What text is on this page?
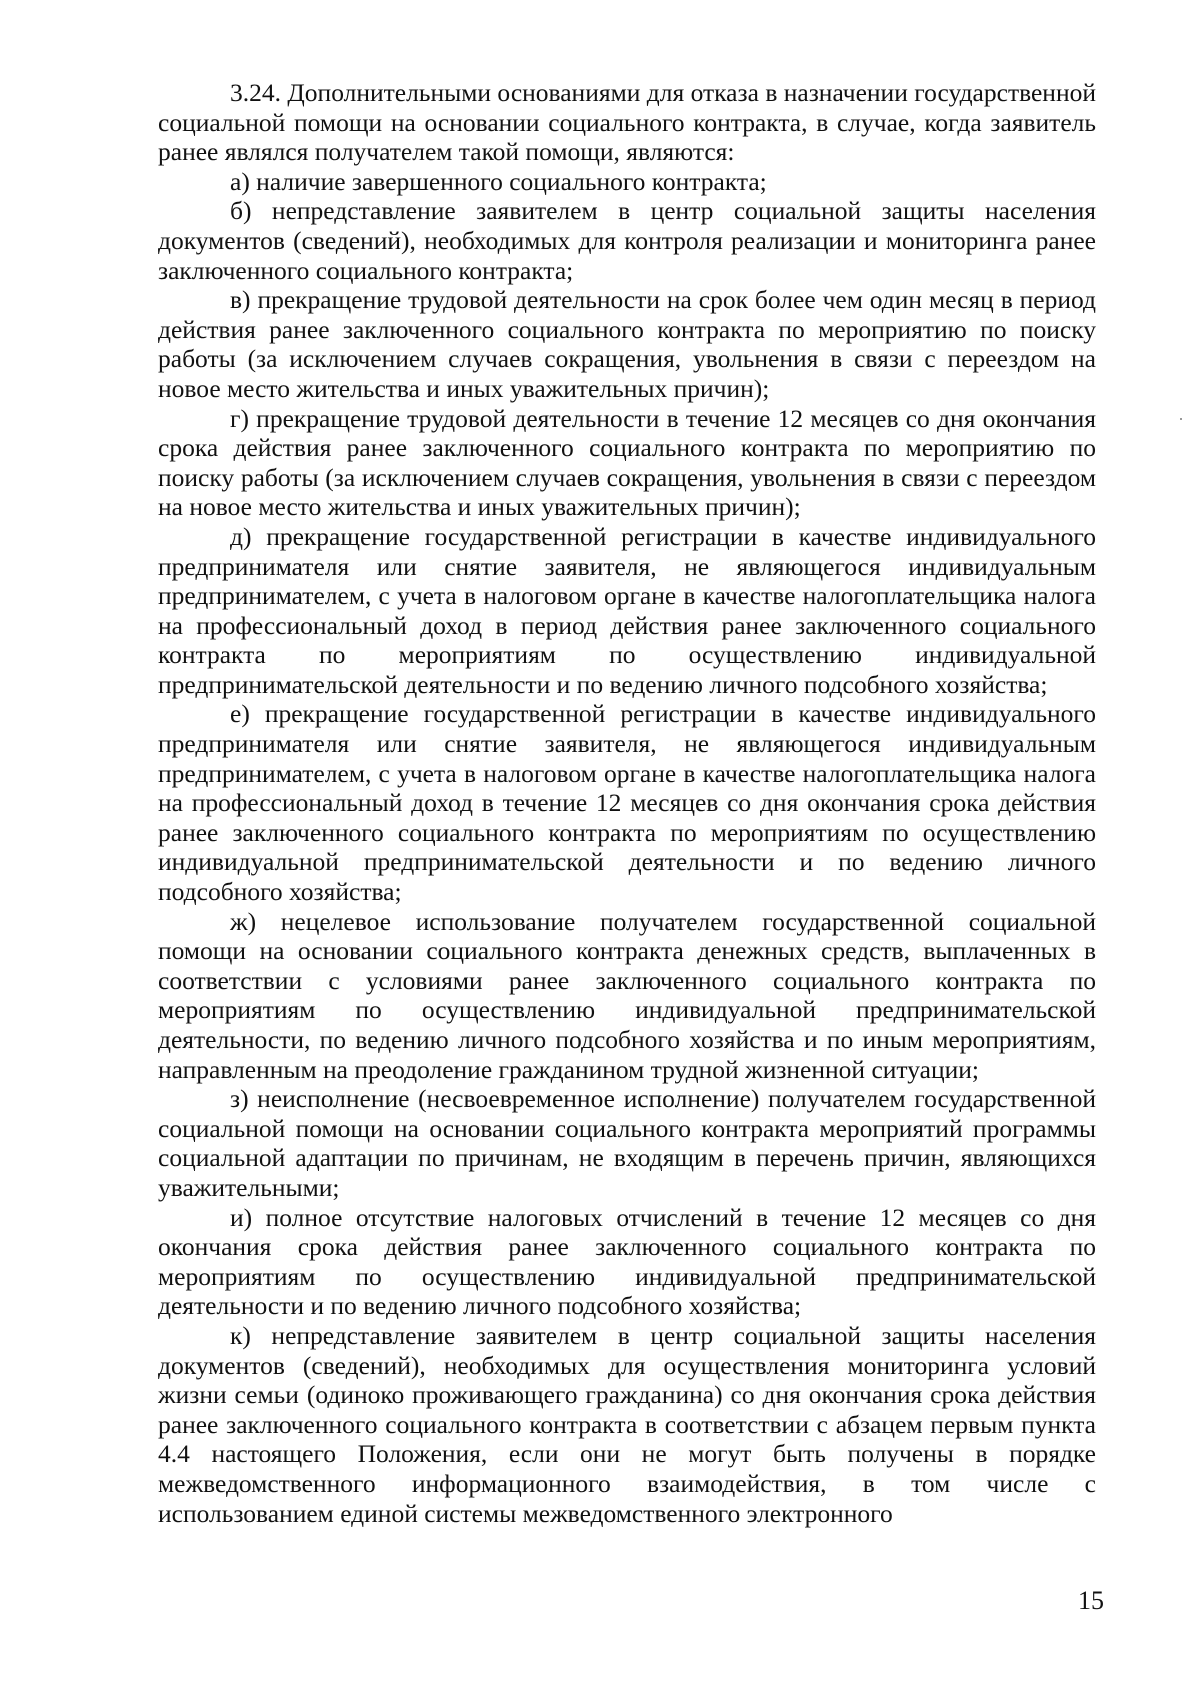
3.24. Дополнительными основаниями для отказа в назначении государственной социальной помощи на основании социального контракта, в случае, когда заявитель ранее являлся получателем такой помощи, являются:

а) наличие завершенного социального контракта;

б) непредставление заявителем в центр социальной защиты населения документов (сведений), необходимых для контроля реализации и мониторинга ранее заключенного социального контракта;

в) прекращение трудовой деятельности на срок более чем один месяц в период действия ранее заключенного социального контракта по мероприятию по поиску работы (за исключением случаев сокращения, увольнения в связи с переездом на новое место жительства и иных уважительных причин);

г) прекращение трудовой деятельности в течение 12 месяцев со дня окончания срока действия ранее заключенного социального контракта по мероприятию по поиску работы (за исключением случаев сокращения, увольнения в связи с переездом на новое место жительства и иных уважительных причин);

д) прекращение государственной регистрации в качестве индивидуального предпринимателя или снятие заявителя, не являющегося индивидуальным предпринимателем, с учета в налоговом органе в качестве налогоплательщика налога на профессиональный доход в период действия ранее заключенного социального контракта по мероприятиям по осуществлению индивидуальной предпринимательской деятельности и по ведению личного подсобного хозяйства;

е) прекращение государственной регистрации в качестве индивидуального предпринимателя или снятие заявителя, не являющегося индивидуальным предпринимателем, с учета в налоговом органе в качестве налогоплательщика налога на профессиональный доход в течение 12 месяцев со дня окончания срока действия ранее заключенного социального контракта по мероприятиям по осуществлению индивидуальной предпринимательской деятельности и по ведению личного подсобного хозяйства;

ж) нецелевое использование получателем государственной социальной помощи на основании социального контракта денежных средств, выплаченных в соответствии с условиями ранее заключенного социального контракта по мероприятиям по осуществлению индивидуальной предпринимательской деятельности, по ведению личного подсобного хозяйства и по иным мероприятиям, направленным на преодоление гражданином трудной жизненной ситуации;

з) неисполнение (несвоевременное исполнение) получателем государственной социальной помощи на основании социального контракта мероприятий программы социальной адаптации по причинам, не входящим в перечень причин, являющихся уважительными;

и) полное отсутствие налоговых отчислений в течение 12 месяцев со дня окончания срока действия ранее заключенного социального контракта по мероприятиям по осуществлению индивидуальной предпринимательской деятельности и по ведению личного подсобного хозяйства;

к) непредставление заявителем в центр социальной защиты населения документов (сведений), необходимых для осуществления мониторинга условий жизни семьи (одиноко проживающего гражданина) со дня окончания срока действия ранее заключенного социального контракта в соответствии с абзацем первым пункта 4.4 настоящего Положения, если они не могут быть получены в порядке межведомственного информационного взаимодействия, в том числе с использованием единой системы межведомственного электронного

15
